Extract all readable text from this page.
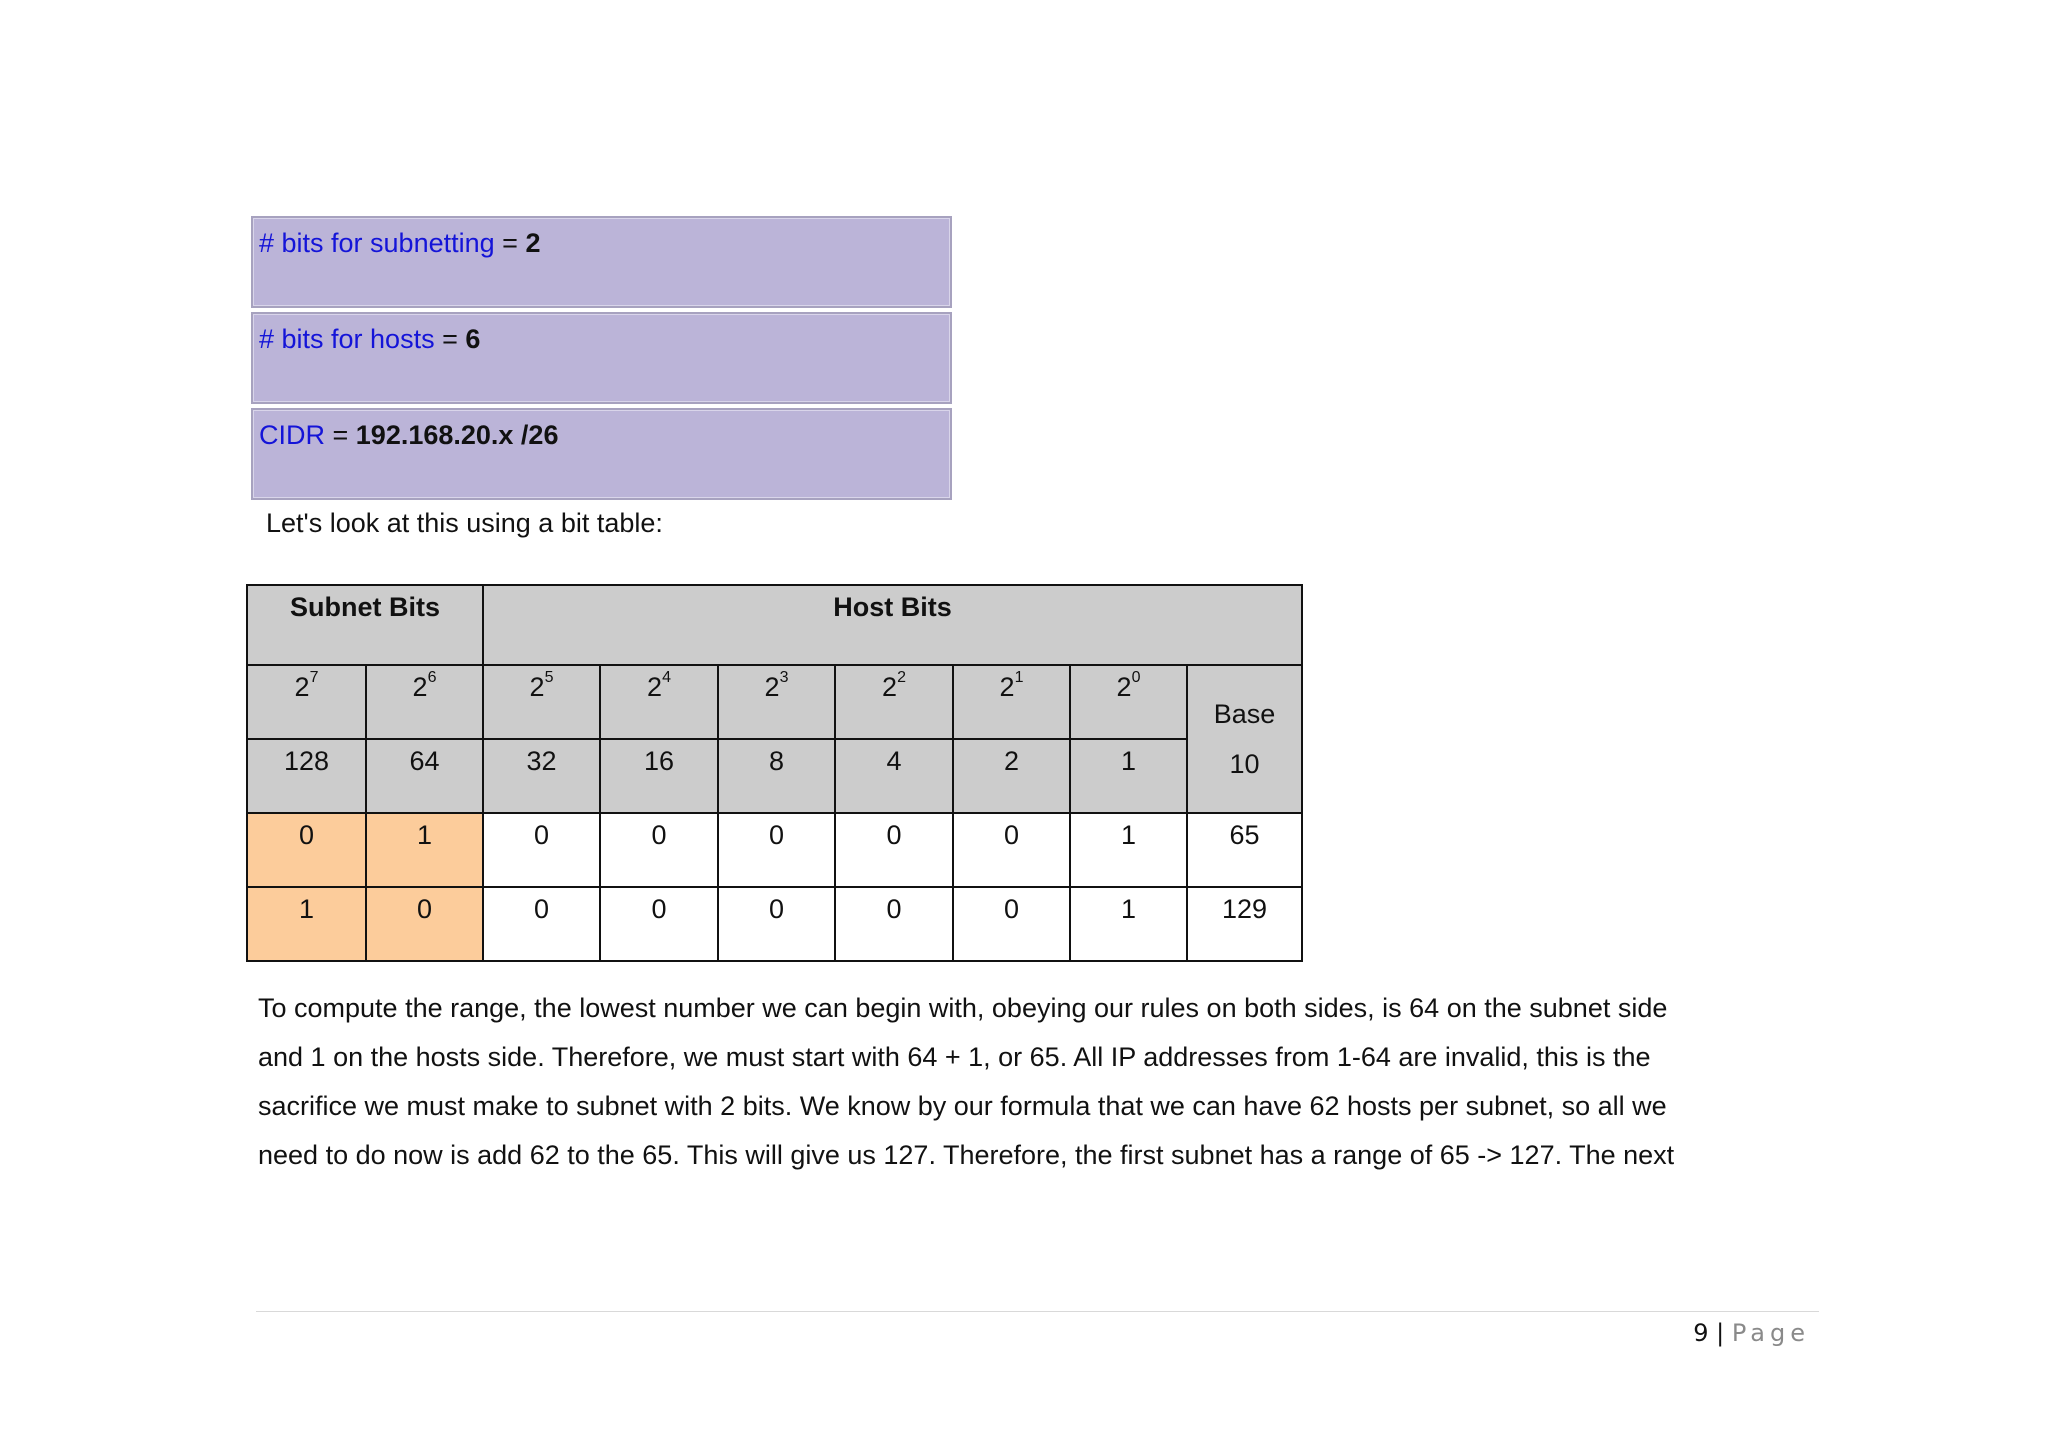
# bits for subnetting = 2
# bits for hosts = 6
CIDR = 192.168.20.x /26
Let's look at this using a bit table:
Subnet Bits		Host Bits						
$2^7$	$2^6$	$2^5$	$2^4$	$2^3$	$2^2$	$2^1$	$2^0$	Base
10
128	64	32	16	8	4	2	1	
0	1	0	0	0	0	0	1	65
1	0	0	0	0	0	0	1	129
To compute the range, the lowest number we can begin with, obeying our rules on both sides, is 64 on the subnet side
and 1 on the hosts side. Therefore, we must start with 64 + 1, or 65. All IP addresses from 1-64 are invalid, this is the
sacrifice we must make to subnet with 2 bits. We know by our formula that we can have 62 hosts per subnet, so all we
need to do now is add 62 to the 65. This will give us 127. Therefore, the first subnet has a range of 65 -> 127. The next
9 | Page
